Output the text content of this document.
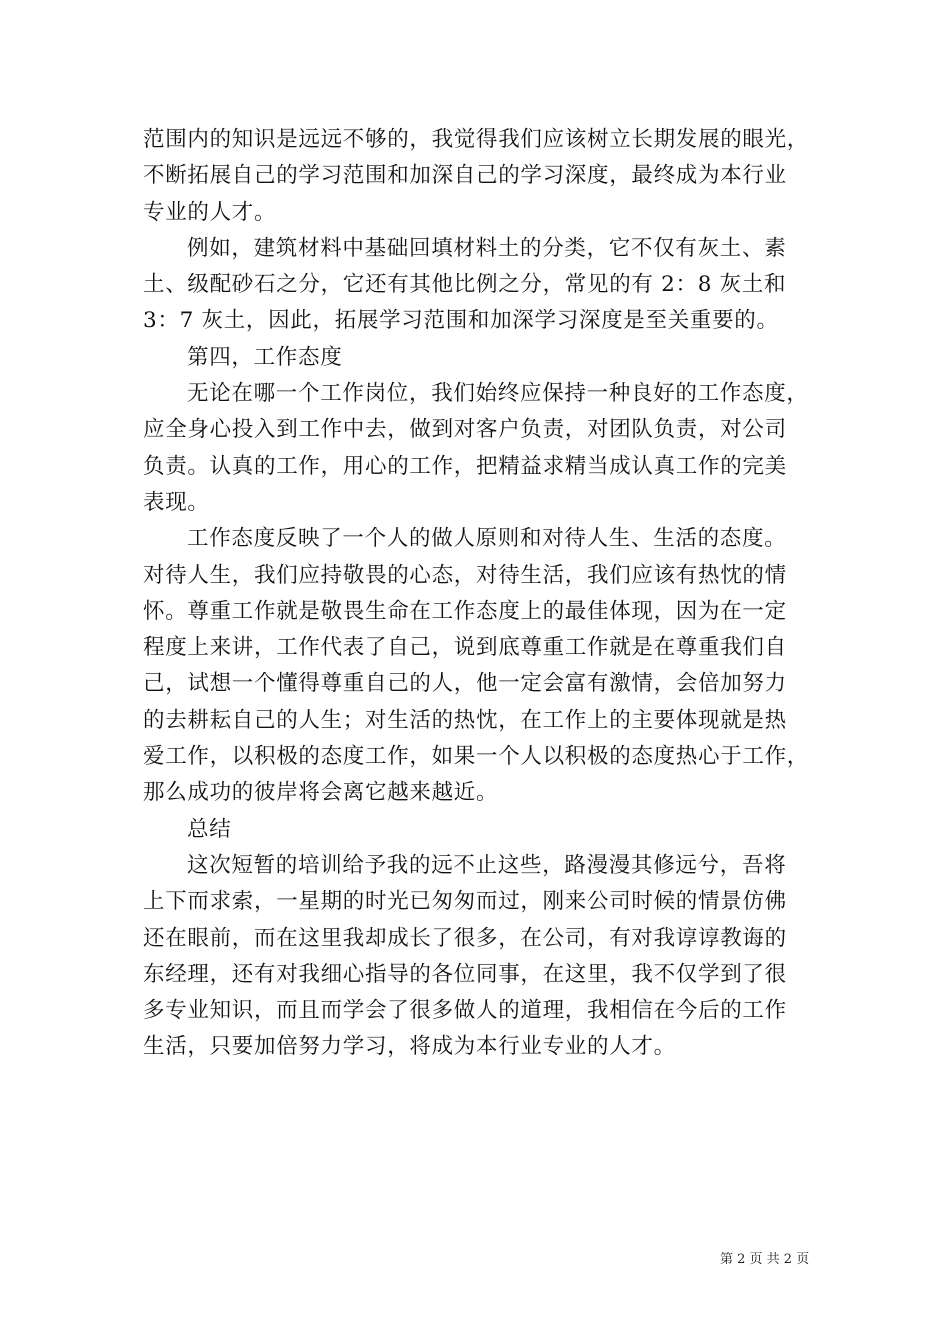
范围内的知识是远远不够的，我觉得我们应该树立长期发展的眼光，
不断拓展自己的学习范围和加深自己的学习深度，最终成为本行业
专业的人才。
例如，建筑材料中基础回填材料土的分类，它不仅有灰土、素
土、级配砂石之分，它还有其他比例之分，常见的有 2：8 灰土和
3：7 灰土，因此，拓展学习范围和加深学习深度是至关重要的。
第四，工作态度
无论在哪一个工作岗位，我们始终应保持一种良好的工作态度，
应全身心投入到工作中去，做到对客户负责，对团队负责，对公司
负责。认真的工作，用心的工作，把精益求精当成认真工作的完美
表现。
工作态度反映了一个人的做人原则和对待人生、生活的态度。
对待人生，我们应持敬畏的心态，对待生活，我们应该有热忱的情
怀。尊重工作就是敬畏生命在工作态度上的最佳体现，因为在一定
程度上来讲，工作代表了自己，说到底尊重工作就是在尊重我们自
己，试想一个懂得尊重自己的人，他一定会富有激情，会倍加努力
的去耕耘自己的人生；对生活的热忱，在工作上的主要体现就是热
爱工作，以积极的态度工作，如果一个人以积极的态度热心于工作，
那么成功的彼岸将会离它越来越近。
总结
这次短暂的培训给予我的远不止这些，路漫漫其修远兮，吾将
上下而求索，一星期的时光已匆匆而过，刚来公司时候的情景仿佛
还在眼前，而在这里我却成长了很多，在公司，有对我谆谆教诲的
东经理，还有对我细心指导的各位同事，在这里，我不仅学到了很
多专业知识，而且而学会了很多做人的道理，我相信在今后的工作
生活，只要加倍努力学习，将成为本行业专业的人才。
第 2 页 共 2 页
